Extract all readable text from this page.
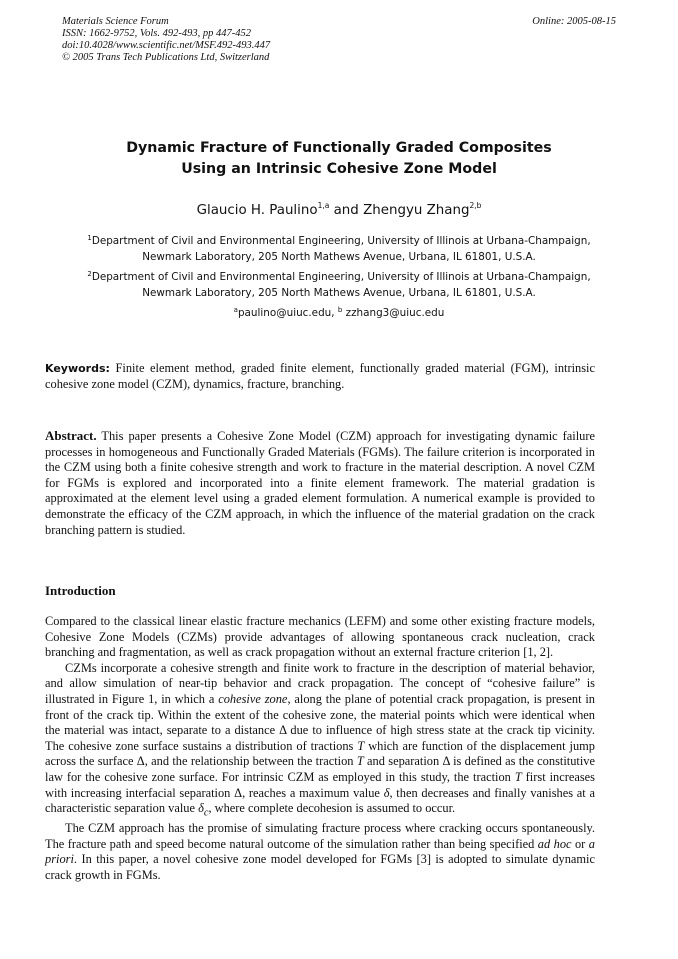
Materials Science Forum
ISSN: 1662-9752, Vols. 492-493, pp 447-452
doi:10.4028/www.scientific.net/MSF.492-493.447
© 2005 Trans Tech Publications Ltd, Switzerland
Online: 2005-08-15
Dynamic Fracture of Functionally Graded Composites
Using an Intrinsic Cohesive Zone Model
Glaucio H. Paulino$^{1,a}$ and Zhengyu Zhang$^{2,b}$
$^1$Department of Civil and Environmental Engineering, University of Illinois at Urbana-Champaign,
Newmark Laboratory, 205 North Mathews Avenue, Urbana, IL 61801, U.S.A.
$^2$Department of Civil and Environmental Engineering, University of Illinois at Urbana-Champaign,
Newmark Laboratory, 205 North Mathews Avenue, Urbana, IL 61801, U.S.A.
$^a$paulino@uiuc.edu, $^b$ zzhang3@uiuc.edu
Keywords: Finite element method, graded finite element, functionally graded material (FGM), intrinsic cohesive zone model (CZM), dynamics, fracture, branching.
Abstract. This paper presents a Cohesive Zone Model (CZM) approach for investigating dynamic failure processes in homogeneous and Functionally Graded Materials (FGMs). The failure criterion is incorporated in the CZM using both a finite cohesive strength and work to fracture in the material description. A novel CZM for FGMs is explored and incorporated into a finite element framework. The material gradation is approximated at the element level using a graded element formulation. A numerical example is provided to demonstrate the efficacy of the CZM approach, in which the influence of the material gradation on the crack branching pattern is studied.
Introduction

Compared to the classical linear elastic fracture mechanics (LEFM) and some other existing fracture models, Cohesive Zone Models (CZMs) provide advantages of allowing spontaneous crack nucleation, crack branching and fragmentation, as well as crack propagation without an external fracture criterion [1, 2].

CZMs incorporate a cohesive strength and finite work to fracture in the description of material behavior, and allow simulation of near-tip behavior and crack propagation. The concept of “cohesive failure” is illustrated in Figure 1, in which a cohesive zone, along the plane of potential crack propagation, is present in front of the crack tip. Within the extent of the cohesive zone, the material points which were identical when the material was intact, separate to a distance Δ due to influence of high stress state at the crack tip vicinity. The cohesive zone surface sustains a distribution of tractions T which are function of the displacement jump across the surface Δ, and the relationship between the traction T and separation Δ is defined as the constitutive law for the cohesive zone surface. For intrinsic CZM as employed in this study, the traction T first increases with increasing interfacial separation Δ, reaches a maximum value δ, then decreases and finally vanishes at a characteristic separation value $\delta_c$, where complete decohesion is assumed to occur.

The CZM approach has the promise of simulating fracture process where cracking occurs spontaneously. The fracture path and speed become natural outcome of the simulation rather than being specified ad hoc or a priori. In this paper, a novel cohesive zone model developed for FGMs [3] is adopted to simulate dynamic crack growth in FGMs.
